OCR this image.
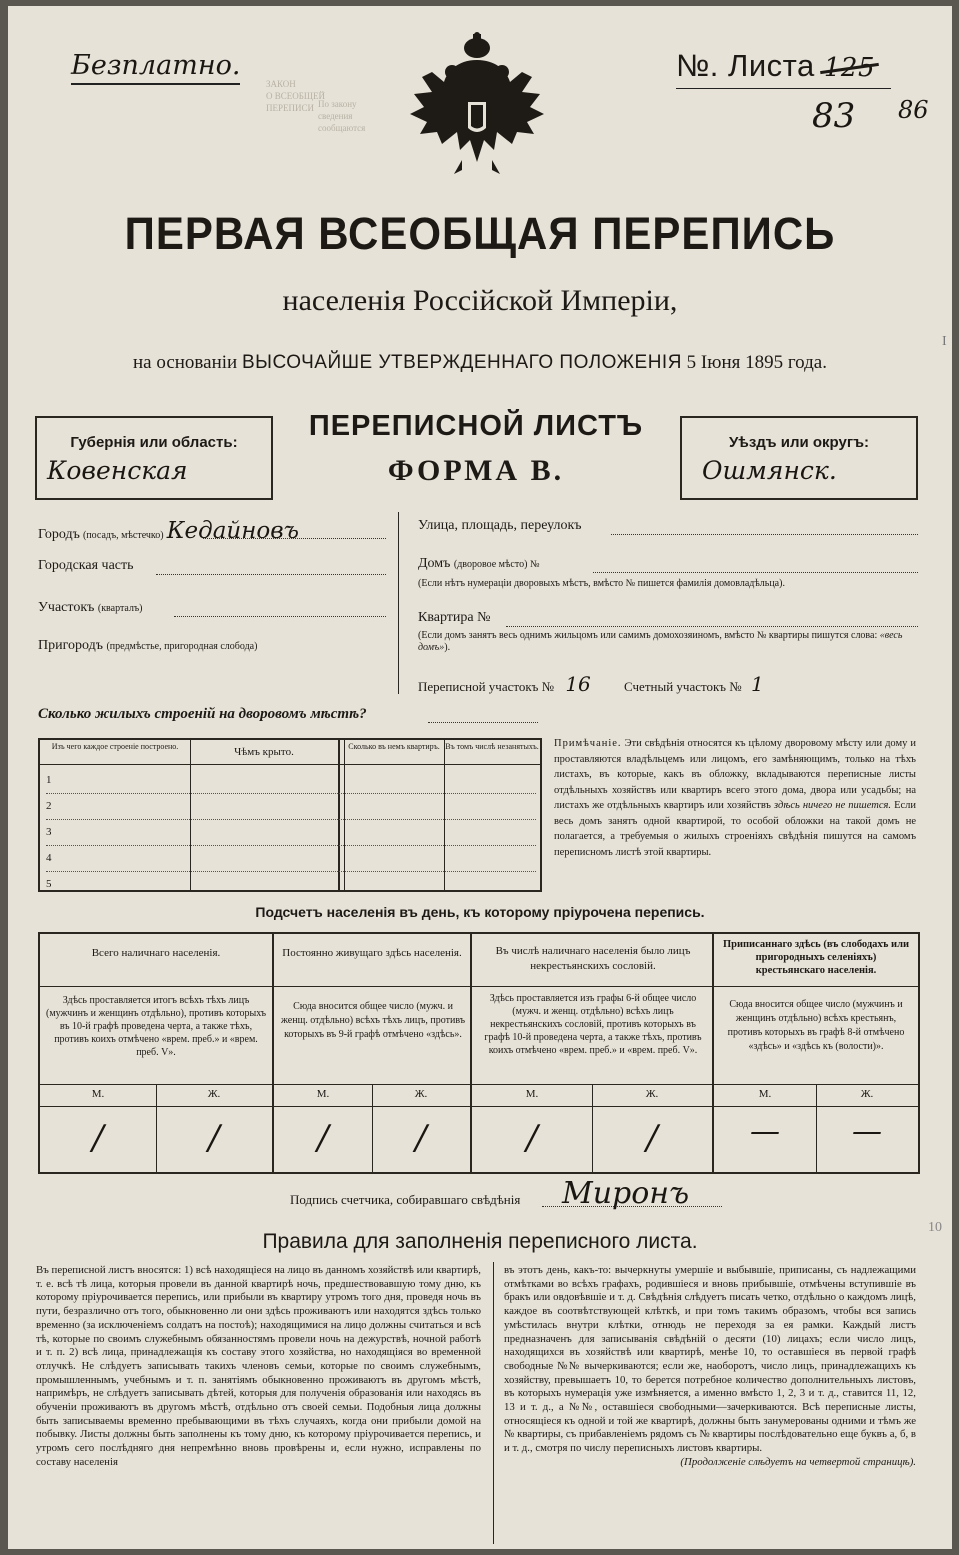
Безплатно.
ЗАКОН
О ВСЕОБЩЕЙ
ПЕРЕПИСИ По закону
сведения
сообщаются
№. Листа 125
83 86

ПЕРВАЯ ВСЕОБЩАЯ ПЕРЕПИСЬ
населенія Россійской Имперіи,
на основаніи ВЫСОЧАЙШЕ УТВЕРЖДЕННАГО ПОЛОЖЕНІЯ 5 Іюня 1895 года.
Губернія или область:
Ковенская
ПЕРЕПИСНОЙ ЛИСТЪ
ФОРМА В.
Уѣздъ или округъ:
Ошмянск.
Городъ (посадъ, мѣстечко) Кедайновъ
Городская часть
Участокъ (кварталъ)
Пригородъ (предмѣстье, пригородная слобода)
Улица, площадь, переулокъ
Домъ (дворовое мѣсто) №
(Если нѣтъ нумераціи дворовыхъ мѣстъ, вмѣсто № пишется фамилія домовладѣльца).
Квартира №
(Если домъ занятъ весь однимъ жильцомъ или самимъ домохозяиномъ, вмѣсто № квартиры пишутся слова: «весь домъ»).
Переписной участокъ № 16	Счетный участокъ № 1
Сколько жилыхъ строеній на дворовомъ мѣстѣ?
Изъ чего каждое строеніе построено.	Чѣмъ крыто.	Сколько въ немъ квартиръ. Въ томъ числѣ незанятыхъ.
1
2
3
4
5
Примѣчаніе. Эти свѣдѣнія относятся къ цѣлому дворовому мѣсту или дому и проставляются владѣльцемъ или лицомъ, его замѣняющимъ, только на тѣхъ листахъ, въ которые, какъ въ обложку, вкладываются переписные листы отдѣльныхъ хозяйствъ или квартиръ всего этого дома, двора или усадьбы; на листахъ же отдѣльныхъ квартиръ или хозяйствъ здѣсь ничего не пишется. Если весь домъ занятъ одной квартирой, то особой обложки на такой домъ не полагается, а требуемыя о жилыхъ строеніяхъ свѣдѣнія пишутся на самомъ переписномъ листѣ этой квартиры.
Подсчетъ населенія въ день, къ которому пріурочена перепись.
Всего наличнаго населенія.
Здѣсь проставляется итогъ всѣхъ тѣхъ лицъ (мужчинъ и женщинъ отдѣльно), противъ которыхъ въ 10-й графѣ проведена черта, а также тѣхъ, противъ коихъ отмѣчено «врем. преб.» и «врем. преб. V».
М.	Ж.
/	/
Постоянно живущаго здѣсь населенія.
Сюда вносится общее число (мужч. и женщ. отдѣльно) всѣхъ тѣхъ лицъ, противъ которыхъ въ 9-й графѣ отмѣчено «здѣсь».
М.	Ж.
/	/
Въ числѣ наличнаго населенія было лицъ некрестьянскихъ сословій.
Здѣсь проставляется изъ графы 6-й общее число (мужч. и женщ. отдѣльно) всѣхъ лицъ некрестьянскихъ сословій, противъ которыхъ въ графѣ 10-й проведена черта, а также тѣхъ, противъ коихъ отмѣчено «врем. преб.» и «врем. преб. V».
М.	Ж.
/	/
Приписаннаго здѣсь (въ слободахъ или пригородныхъ селеніяхъ) крестьянскаго населенія.
Сюда вносится общее число (мужчинъ и женщинъ отдѣльно) всѣхъ крестьянъ, противъ которыхъ въ графѣ 8-й отмѣчено «здѣсь» и «здѣсь къ (волости)».
М.	Ж.
—	—
Подпись счетчика, собиравшаго свѣдѣнія Миронъ
Правила для заполненія переписного листа.

Въ переписной листъ вносятся: 1) всѣ находящіеся на лицо въ данномъ хозяйствѣ или квартирѣ, т. е. всѣ тѣ лица, которыя провели въ данной квартирѣ ночь, предшествовавшую тому дню, къ которому пріурочивается перепись, или прибыли въ квартиру утромъ того дня, проведя ночь въ пути, безразлично отъ того, обыкновенно ли они здѣсь проживаютъ или находятся здѣсь только временно (за исключеніемъ солдатъ на постоѣ); находящимися на лицо должны считаться и всѣ тѣ, которые по своимъ служебнымъ обязанностямъ провели ночь на дежурствѣ, ночной работѣ и т. п. 2) всѣ лица, принадлежащія къ составу этого хозяйства, но находящіяся во временной отлучкѣ. Не слѣдуетъ записывать такихъ членовъ семьи, которые по своимъ служебнымъ, промышленнымъ, учебнымъ и т. п. занятіямъ обыкновенно проживаютъ въ другомъ мѣстѣ, напримѣръ, не слѣдуетъ записывать дѣтей, которыя для полученія образованія или находясь въ обученіи проживаютъ въ другомъ мѣстѣ, отдѣльно отъ своей семьи. Подобныя лица должны быть записываемы временно пребывающими въ тѣхъ случаяхъ, когда они прибыли домой на побывку. Листы должны быть заполнены къ тому дню, къ которому пріурочивается перепись, и утромъ сего послѣдняго дня непремѣнно вновь провѣрены и, если нужно, исправлены по составу населенія

въ этотъ день, какъ-то: вычеркнуты умершіе и выбывшіе, приписаны, съ надлежащими отмѣтками во всѣхъ графахъ, родившіеся и вновь прибывшіе, отмѣчены вступившіе въ бракъ или овдовѣвшіе и т. д. Свѣдѣнія слѣдуетъ писать четко, отдѣльно о каждомъ лицѣ, каждое въ соотвѣтствующей клѣткѣ, и при томъ такимъ образомъ, чтобы вся запись умѣстилась внутри клѣтки, отнюдь не переходя за ея рамки. Каждый листъ предназначенъ для записыванія свѣдѣній о десяти (10) лицахъ; если число лицъ, находящихся въ хозяйствѣ или квартирѣ, менѣе 10, то оставшіеся въ первой графѣ свободные №№ вычеркиваются; если же, наоборотъ, число лицъ, принадлежащихъ къ хозяйству, превышаетъ 10, то берется потребное количество дополнительныхъ листовъ, въ которыхъ нумерація уже измѣняется, а именно вмѣсто 1, 2, 3 и т. д., ставится 11, 12, 13 и т. д., а №№, оставшіеся свободными—зачеркиваются. Всѣ переписные листы, относящіеся къ одной и той же квартирѣ, должны быть занумерованы одними и тѣмъ же № квартиры, съ прибавленіемъ рядомъ съ № квартиры послѣдовательно еще буквъ а, б, в и т. д., смотря по числу переписныхъ листовъ квартиры.

(Продолженіе слѣдуетъ на четвертой страницѣ).

I
10
